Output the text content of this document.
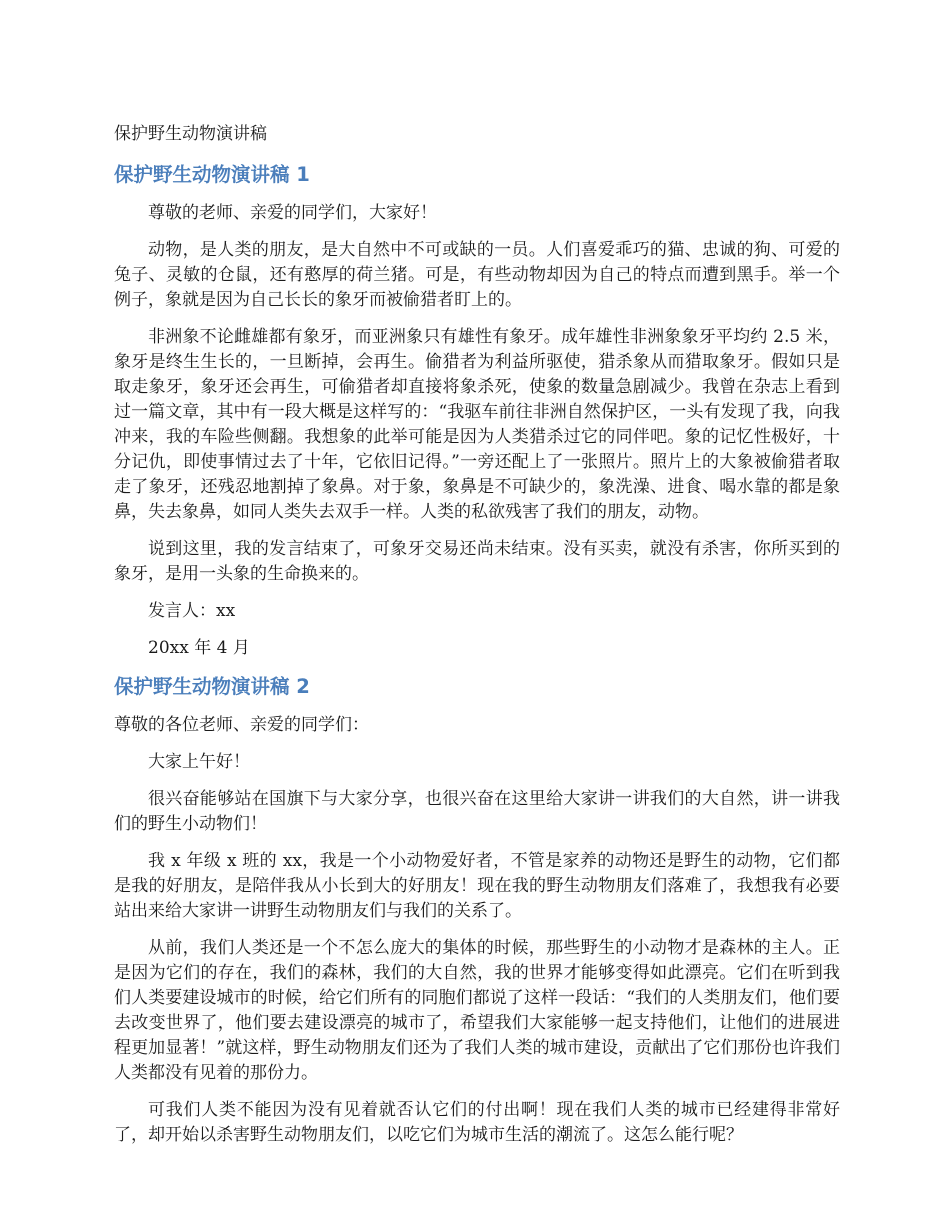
保护野生动物演讲稿
保护野生动物演讲稿 1

尊敬的老师、亲爱的同学们，大家好！

动物，是人类的朋友，是大自然中不可或缺的一员。人们喜爱乖巧的猫、忠诚的狗、可爱的兔子、灵敏的仓鼠，还有憨厚的荷兰猪。可是，有些动物却因为自己的特点而遭到黑手。举一个例子，象就是因为自己长长的象牙而被偷猎者盯上的。

非洲象不论雌雄都有象牙，而亚洲象只有雄性有象牙。成年雄性非洲象象牙平均约 2.5 米，象牙是终生生长的，一旦断掉，会再生。偷猎者为利益所驱使，猎杀象从而猎取象牙。假如只是取走象牙，象牙还会再生，可偷猎者却直接将象杀死，使象的数量急剧减少。我曾在杂志上看到过一篇文章，其中有一段大概是这样写的：“我驱车前往非洲自然保护区，一头有发现了我，向我冲来，我的车险些侧翻。我想象的此举可能是因为人类猎杀过它的同伴吧。象的记忆性极好，十分记仇，即使事情过去了十年，它依旧记得。”一旁还配上了一张照片。照片上的大象被偷猎者取走了象牙，还残忍地割掉了象鼻。对于象，象鼻是不可缺少的，象洗澡、进食、喝水靠的都是象鼻，失去象鼻，如同人类失去双手一样。人类的私欲残害了我们的朋友，动物。

说到这里，我的发言结束了，可象牙交易还尚未结束。没有买卖，就没有杀害，你所买到的象牙，是用一头象的生命换来的。

发言人：xx

20xx 年 4 月

保护野生动物演讲稿 2

尊敬的各位老师、亲爱的同学们：

大家上午好！

很兴奋能够站在国旗下与大家分享，也很兴奋在这里给大家讲一讲我们的大自然，讲一讲我们的野生小动物们！

我 x 年级 x 班的 xx，我是一个小动物爱好者，不管是家养的动物还是野生的动物，它们都是我的好朋友，是陪伴我从小长到大的好朋友！现在我的野生动物朋友们落难了，我想我有必要站出来给大家讲一讲野生动物朋友们与我们的关系了。

从前，我们人类还是一个不怎么庞大的集体的时候，那些野生的小动物才是森林的主人。正是因为它们的存在，我们的森林，我们的大自然，我的世界才能够变得如此漂亮。它们在听到我们人类要建设城市的时候，给它们所有的同胞们都说了这样一段话：“我们的人类朋友们，他们要去改变世界了，他们要去建设漂亮的城市了，希望我们大家能够一起支持他们，让他们的进展进程更加显著！”就这样，野生动物朋友们还为了我们人类的城市建设，贡献出了它们那份也许我们人类都没有见着的那份力。

可我们人类不能因为没有见着就否认它们的付出啊！现在我们人类的城市已经建得非常好了，却开始以杀害野生动物朋友们，以吃它们为城市生活的潮流了。这怎么能行呢？
